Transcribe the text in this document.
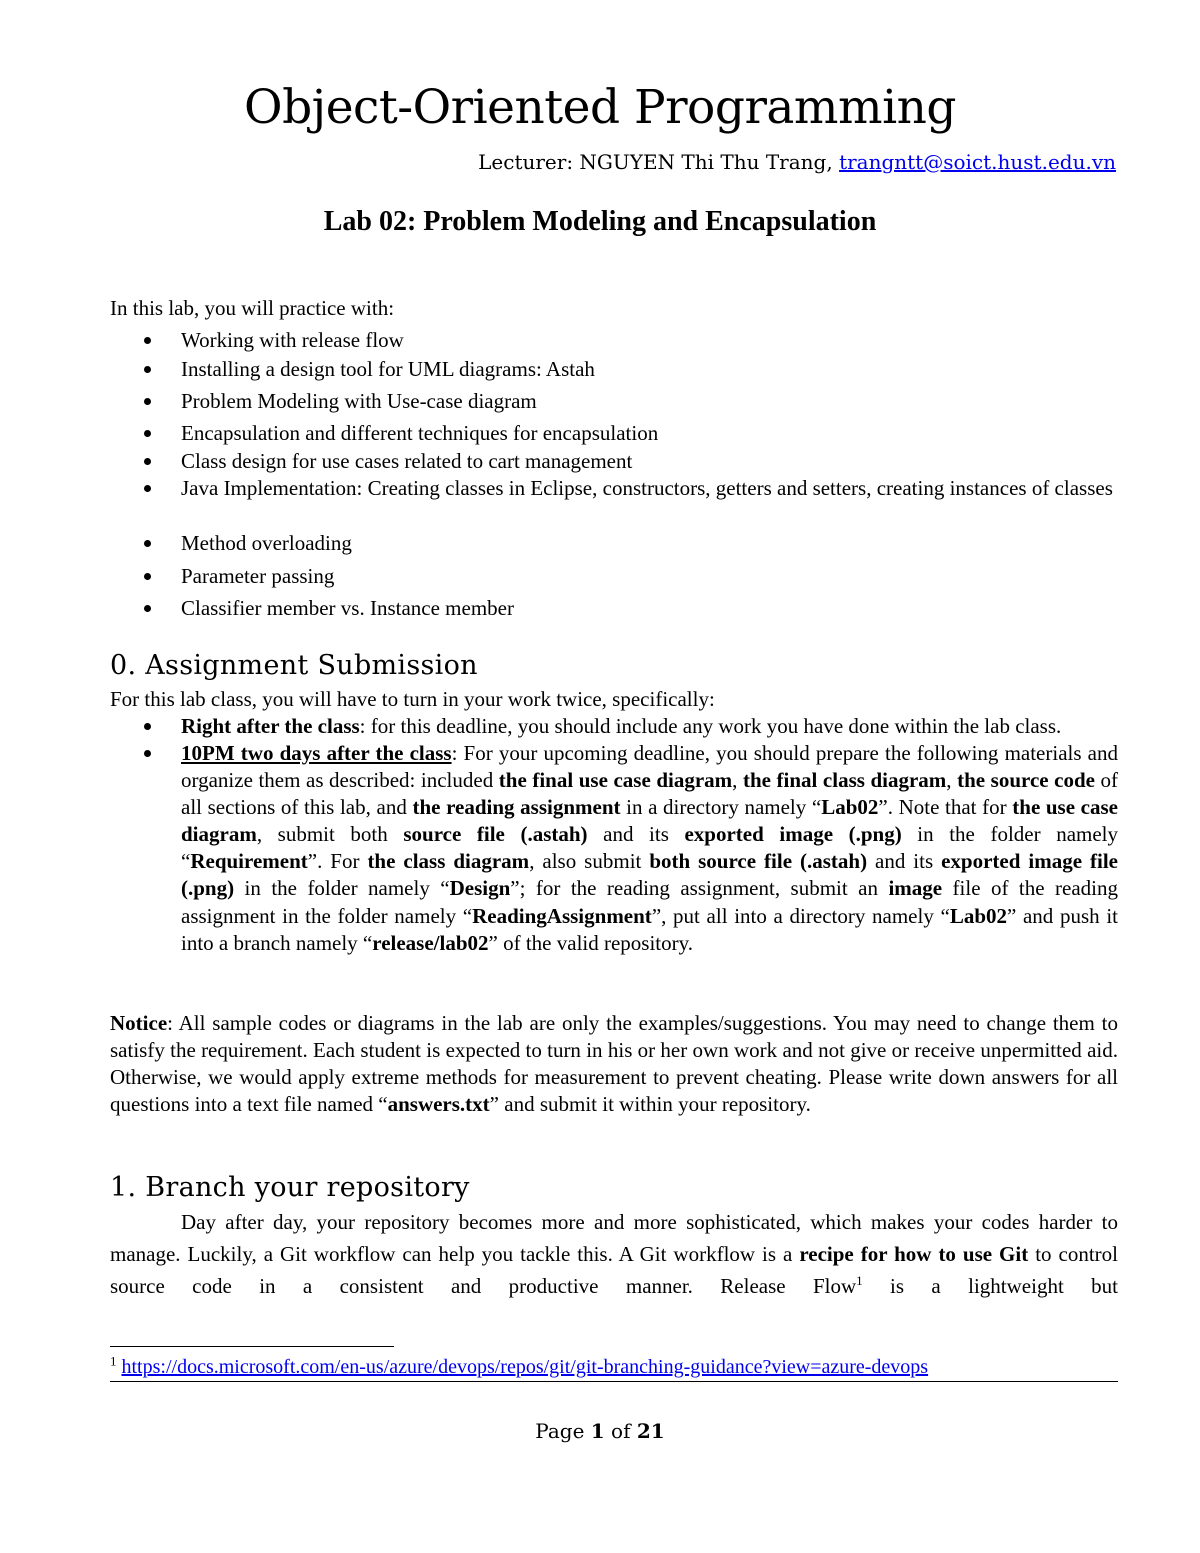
Object-Oriented Programming
Lecturer: NGUYEN Thi Thu Trang, trangntt@soict.hust.edu.vn
Lab 02: Problem Modeling and Encapsulation
In this lab, you will practice with:
Working with release flow
Installing a design tool for UML diagrams: Astah
Problem Modeling with Use-case diagram
Encapsulation and different techniques for encapsulation
Class design for use cases related to cart management
Java Implementation: Creating classes in Eclipse, constructors, getters and setters, creating instances of classes
Method overloading
Parameter passing
Classifier member vs. Instance member
0. Assignment Submission
For this lab class, you will have to turn in your work twice, specifically:
Right after the class: for this deadline, you should include any work you have done within the lab class.
10PM two days after the class: For your upcoming deadline, you should prepare the following materials and organize them as described: included the final use case diagram, the final class diagram, the source code of all sections of this lab, and the reading assignment in a directory namely “Lab02”. Note that for the use case diagram, submit both source file (.astah) and its exported image (.png) in the folder namely “Requirement”. For the class diagram, also submit both source file (.astah) and its exported image file (.png) in the folder namely “Design”; for the reading assignment, submit an image file of the reading assignment in the folder namely “ReadingAssignment”, put all into a directory namely “Lab02” and push it into a branch namely “release/lab02” of the valid repository.
Notice: All sample codes or diagrams in the lab are only the examples/suggestions. You may need to change them to satisfy the requirement. Each student is expected to turn in his or her own work and not give or receive unpermitted aid. Otherwise, we would apply extreme methods for measurement to prevent cheating. Please write down answers for all questions into a text file named “answers.txt” and submit it within your repository.
1. Branch your repository
Day after day, your repository becomes more and more sophisticated, which makes your codes harder to manage. Luckily, a Git workflow can help you tackle this. A Git workflow is a recipe for how to use Git to control source code in a consistent and productive manner. Release Flow$^1$ is a lightweight but
$^1$ https://docs.microsoft.com/en-us/azure/devops/repos/git/git-branching-guidance?view=azure-devops
Page 1 of 21
